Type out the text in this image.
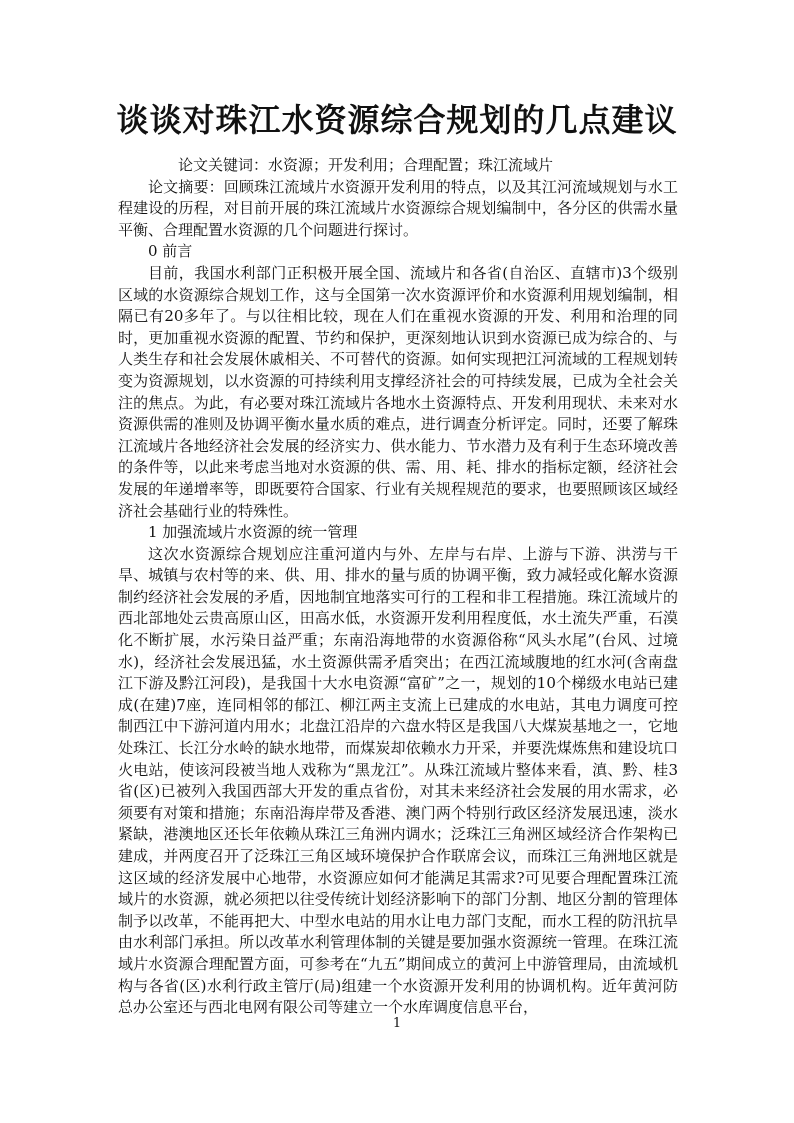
谈谈对珠江水资源综合规划的几点建议

论文关键词：水资源；开发利用；合理配置；珠江流域片

论文摘要：回顾珠江流域片水资源开发利用的特点，以及其江河流域规划与水工程建设的历程，对目前开展的珠江流域片水资源综合规划编制中，各分区的供需水量平衡、合理配置水资源的几个问题进行探讨。

0 前言

目前，我国水利部门正积极开展全国、流域片和各省(自治区、直辖市)3个级别区域的水资源综合规划工作，这与全国第一次水资源评价和水资源利用规划编制，相隔已有20多年了。与以往相比较，现在人们在重视水资源的开发、利用和治理的同时，更加重视水资源的配置、节约和保护，更深刻地认识到水资源已成为综合的、与人类生存和社会发展休戚相关、不可替代的资源。如何实现把江河流域的工程规划转变为资源规划，以水资源的可持续利用支撑经济社会的可持续发展，已成为全社会关注的焦点。为此，有必要对珠江流域片各地水土资源特点、开发利用现状、未来对水资源供需的准则及协调平衡水量水质的难点，进行调查分析评定。同时，还要了解珠江流域片各地经济社会发展的经济实力、供水能力、节水潜力及有利于生态环境改善的条件等，以此来考虑当地对水资源的供、需、用、耗、排水的指标定额，经济社会发展的年递增率等，即既要符合国家、行业有关规程规范的要求，也要照顾该区域经济社会基础行业的特殊性。

1 加强流域片水资源的统一管理

这次水资源综合规划应注重河道内与外、左岸与右岸、上游与下游、洪涝与干旱、城镇与农村等的来、供、用、排水的量与质的协调平衡，致力减轻或化解水资源制约经济社会发展的矛盾，因地制宜地落实可行的工程和非工程措施。珠江流域片的西北部地处云贵高原山区，田高水低，水资源开发利用程度低，水土流失严重，石漠化不断扩展，水污染日益严重；东南沿海地带的水资源俗称“风头水尾”(台风、过境水)，经济社会发展迅猛，水土资源供需矛盾突出；在西江流域腹地的红水河(含南盘江下游及黔江河段)，是我国十大水电资源“富矿”之一，规划的10个梯级水电站已建成(在建)7座，连同相邻的郁江、柳江两主支流上已建成的水电站，其电力调度可控制西江中下游河道内用水；北盘江沿岸的六盘水特区是我国八大煤炭基地之一，它地处珠江、长江分水岭的缺水地带，而煤炭却依赖水力开采，并要洗煤炼焦和建设坑口火电站，使该河段被当地人戏称为“黑龙江”。从珠江流域片整体来看，滇、黔、桂3省(区)已被列入我国西部大开发的重点省份，对其未来经济社会发展的用水需求，必须要有对策和措施；东南沿海岸带及香港、澳门两个特别行政区经济发展迅速，淡水紧缺，港澳地区还长年依赖从珠江三角洲内调水；泛珠江三角洲区域经济合作架构已建成，并两度召开了泛珠江三角区域环境保护合作联席会议，而珠江三角洲地区就是这区域的经济发展中心地带，水资源应如何才能满足其需求?可见要合理配置珠江流域片的水资源，就必须把以往受传统计划经济影响下的部门分割、地区分割的管理体制予以改革，不能再把大、中型水电站的用水让电力部门支配，而水工程的防汛抗旱由水利部门承担。所以改革水利管理体制的关键是要加强水资源统一管理。在珠江流域片水资源合理配置方面，可参考在“九五”期间成立的黄河上中游管理局，由流域机构与各省(区)水利行政主管厅(局)组建一个水资源开发利用的协调机构。近年黄河防总办公室还与西北电网有限公司等建立一个水库调度信息平台，

1
